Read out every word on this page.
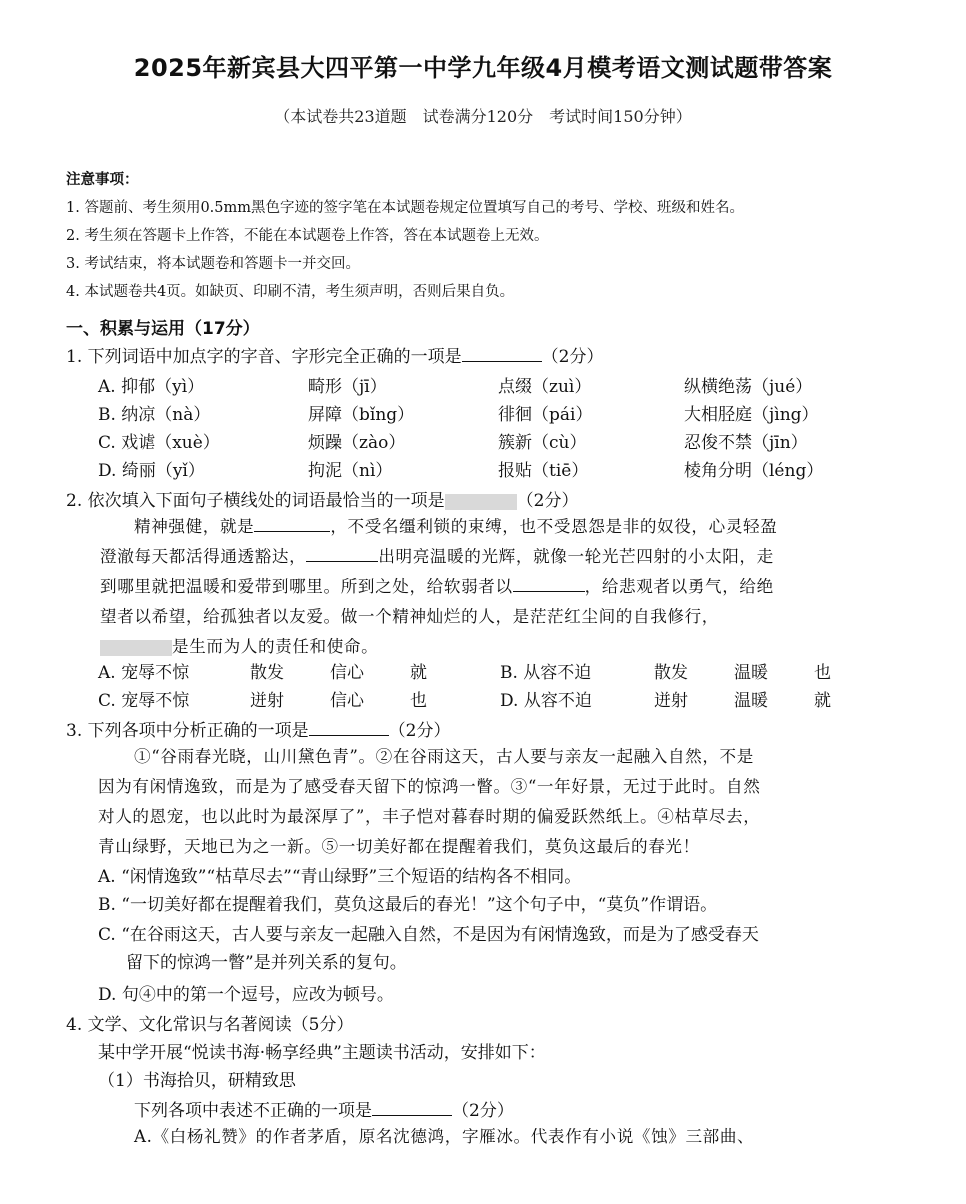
2025年新宾县大四平第一中学九年级4月模考语文测试题带答案
（本试卷共23道题　试卷满分120分　考试时间150分钟）
注意事项：
1. 答题前、考生须用0.5mm黑色字迹的签字笔在本试题卷规定位置填写自己的考号、学校、班级和姓名。
2. 考生须在答题卡上作答，不能在本试题卷上作答，答在本试题卷上无效。
3. 考试结束，将本试题卷和答题卡一并交回。
4. 本试题卷共4页。如缺页、印刷不清，考生须声明，否则后果自负。
一、积累与运用（17分）
1. 下列词语中加点字的字音、字形完全正确的一项是	（2分）
A. 抑郁（yì）	畸形（jī）	点缀（zuì）	纵横绝荡（jué）
B. 纳凉（nà）	屏障（bǐng）	徘徊（pái）	大相胫庭（jìng）
C. 戏谑（xuè）	烦躁（zào）	簇新（cù）	忍俊不禁（jīn）
D. 绮丽（yǐ）	拘泥（nì）	报贴（tiē）	棱角分明（léng）
2. 依次填入下面句子横线处的词语最恰当的一项是	（2分）
精神强健，就是	，不受名缰利锁的束缚，也不受恩怨是非的奴役，心灵轻盈
澄澈每天都活得通透豁达，	出明亮温暖的光辉，就像一轮光芒四射的小太阳，走
到哪里就把温暖和爱带到哪里。所到之处，给软弱者以	，给悲观者以勇气，给绝
望者以希望，给孤独者以友爱。做一个精神灿烂的人，是茫茫红尘间的自我修行，
是生而为人的责任和使命。
A. 宠辱不惊	散发	信心	就	B. 从容不迫	散发	温暖	也
C. 宠辱不惊	迸射	信心	也	D. 从容不迫	迸射	温暖	就
3. 下列各项中分析正确的一项是	（2分）
①“谷雨春光晓，山川黛色青”。②在谷雨这天，古人要与亲友一起融入自然，不是
因为有闲情逸致，而是为了感受春天留下的惊鸿一瞥。③“一年好景，无过于此时。自然
对人的恩宠，也以此时为最深厚了”，丰子恺对暮春时期的偏爱跃然纸上。④枯草尽去，
青山绿野，天地已为之一新。⑤一切美好都在提醒着我们，莫负这最后的春光！
A. “闲情逸致”“枯草尽去”“青山绿野”三个短语的结构各不相同。
B. “一切美好都在提醒着我们，莫负这最后的春光！”这个句子中，“莫负”作谓语。
C. “在谷雨这天，古人要与亲友一起融入自然，不是因为有闲情逸致，而是为了感受春天
留下的惊鸿一瞥”是并列关系的复句。
D. 句④中的第一个逗号，应改为顿号。
4. 文学、文化常识与名著阅读（5分）
某中学开展“悦读书海·畅享经典”主题读书活动，安排如下：
（1）书海拾贝，研精致思
下列各项中表述不正确的一项是	（2分）
A.《白杨礼赞》的作者茅盾，原名沈德鸿，字雁冰。代表作有小说《蚀》三部曲、
